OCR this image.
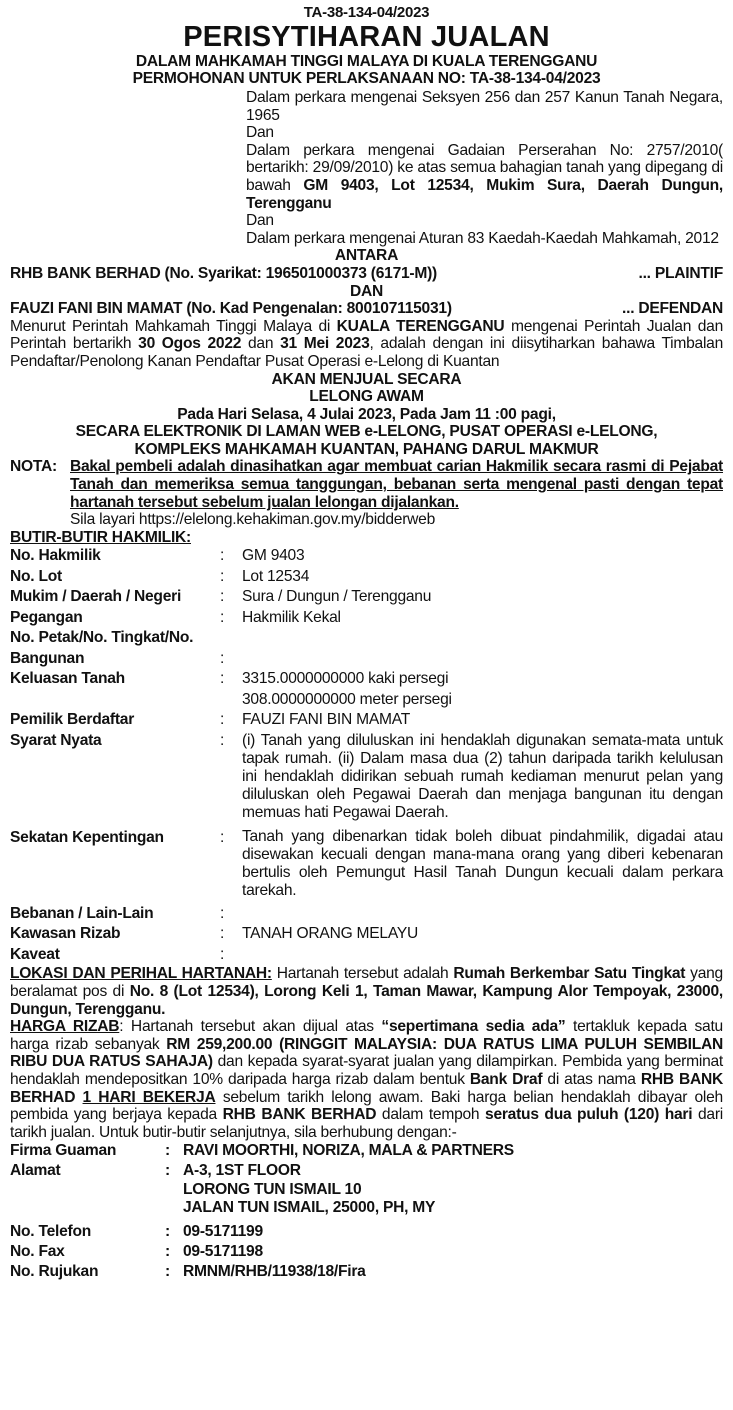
TA-38-134-04/2023
PERISYTIHARAN JUALAN
DALAM MAHKAMAH TINGGI MALAYA DI KUALA TERENGGANU
PERMOHONAN UNTUK PERLAKSANAAN NO: TA-38-134-04/2023
Dalam perkara mengenai Seksyen 256 dan 257 Kanun Tanah Negara, 1965
Dan
Dalam perkara mengenai Gadaian Perserahan No: 2757/2010( bertarikh: 29/09/2010) ke atas semua bahagian tanah yang dipegang di bawah GM 9403, Lot 12534, Mukim Sura, Daerah Dungun, Terengganu
Dan
Dalam perkara mengenai Aturan 83 Kaedah-Kaedah Mahkamah, 2012
ANTARA
RHB BANK BERHAD (No. Syarikat: 196501000373 (6171-M))	... PLAINTIF
DAN
FAUZI FANI BIN MAMAT (No. Kad Pengenalan: 800107115031)	... DEFENDAN
Menurut Perintah Mahkamah Tinggi Malaya di KUALA TERENGGANU mengenai Perintah Jualan dan Perintah bertarikh 30 Ogos 2022 dan 31 Mei 2023, adalah dengan ini diisytiharkan bahawa Timbalan Pendaftar/Penolong Kanan Pendaftar Pusat Operasi e-Lelong di Kuantan
AKAN MENJUAL SECARA
LELONG AWAM
Pada Hari Selasa, 4 Julai 2023, Pada Jam 11 :00 pagi,
SECARA ELEKTRONIK DI LAMAN WEB e-LELONG, PUSAT OPERASI e-LELONG,
KOMPLEKS MAHKAMAH KUANTAN, PAHANG DARUL MAKMUR
NOTA: Bakal pembeli adalah dinasihatkan agar membuat carian Hakmilik secara rasmi di Pejabat Tanah dan memeriksa semua tanggungan, bebanan serta mengenal pasti dengan tepat hartanah tersebut sebelum jualan lelongan dijalankan.
Sila layari https://elelong.kehakiman.gov.my/bidderweb
BUTIR-BUTIR HAKMILIK:
No. Hakmilik	:	GM 9403
No. Lot	:	Lot 12534
Mukim / Daerah / Negeri	:	Sura / Dungun / Terengganu
Pegangan	:	Hakmilik Kekal
No. Petak/No. Tingkat/No.
Bangunan	:	
Keluasan Tanah	:	3315.0000000000 kaki persegi
308.0000000000 meter persegi
Pemilik Berdaftar	:	FAUZI FANI BIN MAMAT
Syarat Nyata	:	(i) Tanah yang diluluskan ini hendaklah digunakan semata-mata untuk tapak rumah. (ii) Dalam masa dua (2) tahun daripada tarikh kelulusan ini hendaklah didirikan sebuah rumah kediaman menurut pelan yang diluluskan oleh Pegawai Daerah dan menjaga bangunan itu dengan memuas hati Pegawai Daerah.
Sekatan Kepentingan	:	Tanah yang dibenarkan tidak boleh dibuat pindahmilik, digadai atau disewakan kecuali dengan mana-mana orang yang diberi kebenaran bertulis oleh Pemungut Hasil Tanah Dungun kecuali dalam perkara tarekah.
Bebanan / Lain-Lain	:	
Kawasan Rizab	:	TANAH ORANG MELAYU
Kaveat	:	
LOKASI DAN PERIHAL HARTANAH: Hartanah tersebut adalah Rumah Berkembar Satu Tingkat yang beralamat pos di No. 8 (Lot 12534), Lorong Keli 1, Taman Mawar, Kampung Alor Tempoyak, 23000, Dungun, Terengganu.
HARGA RIZAB: Hartanah tersebut akan dijual atas “sepertimana sedia ada” tertakluk kepada satu harga rizab sebanyak RM 259,200.00 (RINGGIT MALAYSIA: DUA RATUS LIMA PULUH SEMBILAN RIBU DUA RATUS SAHAJA) dan kepada syarat-syarat jualan yang dilampirkan. Pembida yang berminat hendaklah mendepositkan 10% daripada harga rizab dalam bentuk Bank Draf di atas nama RHB BANK BERHAD 1 HARI BEKERJA sebelum tarikh lelong awam. Baki harga belian hendaklah dibayar oleh pembida yang berjaya kepada RHB BANK BERHAD dalam tempoh seratus dua puluh (120) hari dari tarikh jualan. Untuk butir-butir selanjutnya, sila berhubung dengan:-
Firma Guaman	:	RAVI MOORTHI, NORIZA, MALA & PARTNERS
Alamat	:	A-3, 1ST FLOOR
LORONG TUN ISMAIL 10
JALAN TUN ISMAIL, 25000, PH, MY
No. Telefon	:	09-5171199
No. Fax	:	09-5171198
No. Rujukan	:	RMNM/RHB/11938/18/Fira
